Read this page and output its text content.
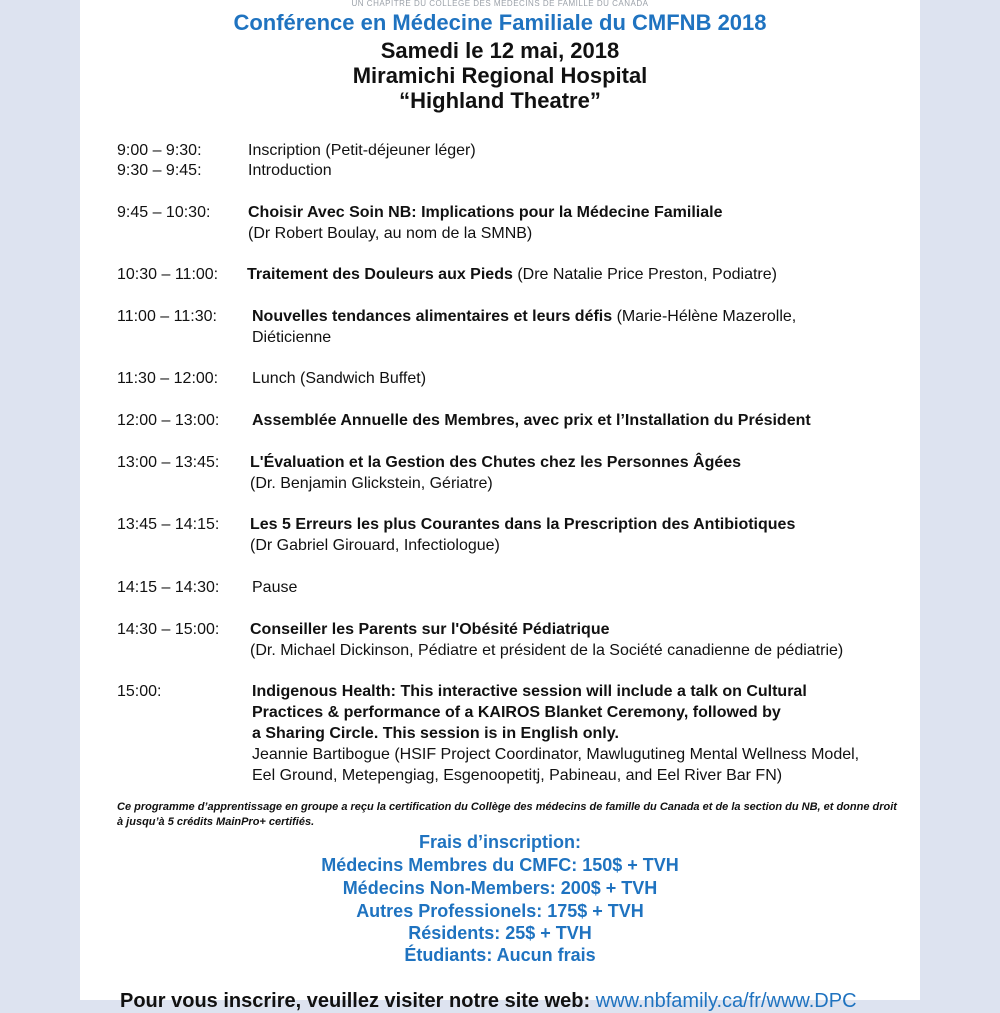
UN CHAPITRE DU COLLÈGE DES MÉDECINS DE FAMILLE DU CANADA
Conférence en Médecine Familiale du CMFNB 2018
Samedi le 12 mai, 2018
Miramichi Regional Hospital
“Highland Theatre”
9:00 – 9:30:	Inscription (Petit-déjeuner léger)
9:30 – 9:45:	Introduction
9:45 – 10:30: Choisir Avec Soin NB: Implications pour la Médecine Familiale
(Dr Robert Boulay, au nom de la SMNB)
10:30 – 11:00: Traitement des Douleurs aux Pieds (Dre Natalie Price Preston, Podiatre)
11:00 – 11:30: Nouvelles tendances alimentaires et leurs défis (Marie-Hélène Mazerolle,
Diéticienne
11:30 – 12:00: Lunch (Sandwich Buffet)
12:00 – 13:00: Assemblée Annuelle des Membres, avec prix et l’Installation du Président
13:00 – 13:45: L'Évaluation et la Gestion des Chutes chez les Personnes Âgées
(Dr. Benjamin Glickstein, Gériatre)
13:45 – 14:15: Les 5 Erreurs les plus Courantes dans la Prescription des Antibiotiques
(Dr Gabriel Girouard, Infectiologue)
14:15 – 14:30: Pause
14:30 – 15:00: Conseiller les Parents sur l'Obésité Pédiatrique
(Dr. Michael Dickinson, Pédiatre et président de la Société canadienne de pédiatrie)
15:00:	Indigenous Health: This interactive session will include a talk on Cultural
Practices & performance of a KAIROS Blanket Ceremony, followed by
a Sharing Circle. This session is in English only.
Jeannie Bartibogue (HSIF Project Coordinator, Mawlugutineg Mental Wellness Model,
Eel Ground, Metepengiag, Esgenoopetitj, Pabineau, and Eel River Bar FN)
Ce programme d’apprentissage en groupe a reçu la certification du Collège des médecins de famille du Canada et de la section du NB, et donne droit à jusqu’à 5 crédits MainPro+ certifiés.
Frais d’inscription:
Médecins Membres du CMFC: 150$ + TVH
Médecins Non-Members: 200$ + TVH
Autres Professionels: 175$ + TVH
Résidents: 25$ + TVH
Étudiants: Aucun frais
Pour vous inscrire, veuillez visiter notre site web: www.nbfamily.ca/fr/www.DPC
